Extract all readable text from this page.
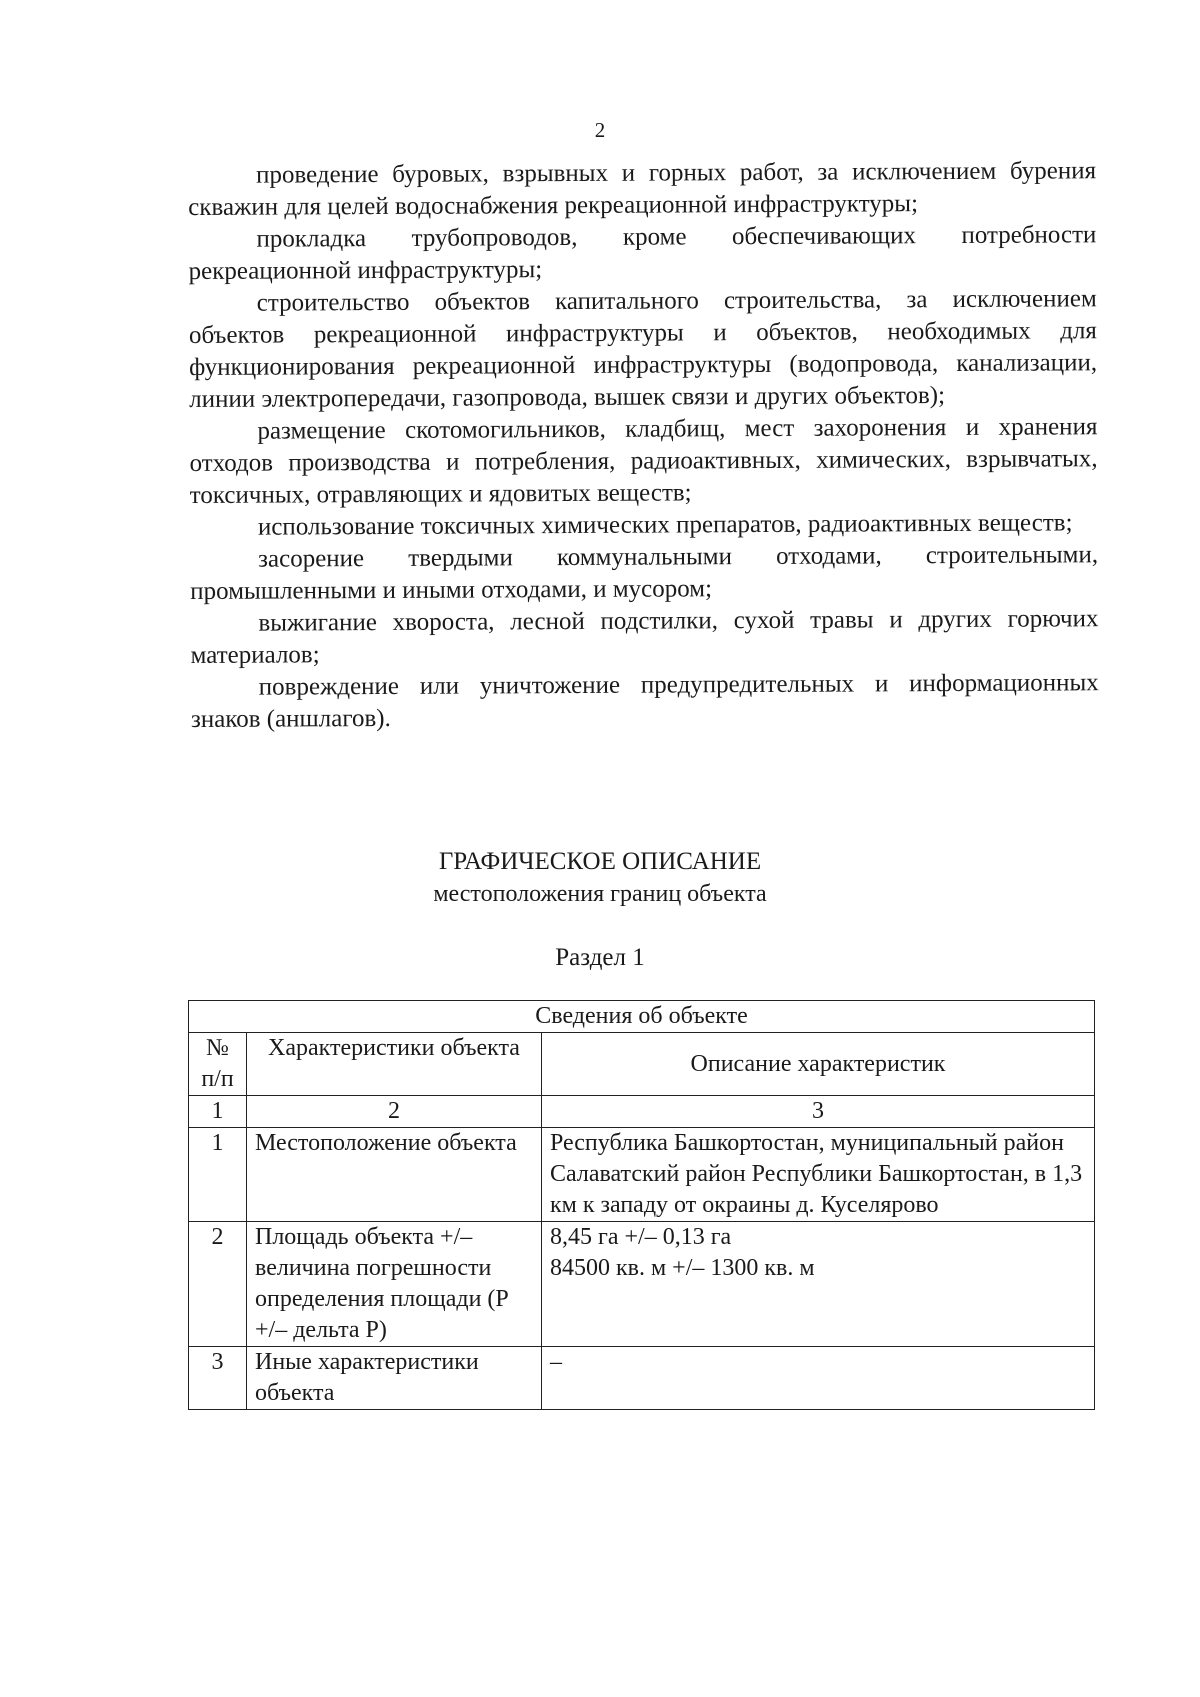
2

проведение буровых, взрывных и горных работ, за исключением бурения скважин для целей водоснабжения рекреационной инфраструктуры;

прокладка трубопроводов, кроме обеспечивающих потребности рекреационной инфраструктуры;

строительство объектов капитального строительства, за исключением объектов рекреационной инфраструктуры и объектов, необходимых для функционирования рекреационной инфраструктуры (водопровода, канализации, линии электропередачи, газопровода, вышек связи и других объектов);

размещение скотомогильников, кладбищ, мест захоронения и хранения отходов производства и потребления, радиоактивных, химических, взрывчатых, токсичных, отравляющих и ядовитых веществ;

использование токсичных химических препаратов, радиоактивных веществ;

засорение твердыми коммунальными отходами, строительными, промышленными и иными отходами, и мусором;

выжигание хвороста, лесной подстилки, сухой травы и других горючих материалов;

повреждение или уничтожение предупредительных и информационных знаков (аншлагов).

ГРАФИЧЕСКОЕ ОПИСАНИЕ
местоположения границ объекта
Раздел 1
Сведения об объекте		
№ п/п	Характеристики объекта	Описание характеристик
1	2	3
1	Местоположение объекта	Республика Башкортостан, муниципальный район Салаватский район Республики Башкортостан, в 1,3 км к западу от окраины д. Куселярово
2	Площадь объекта +/– величина погрешности определения площади (Р +/– дельта Р)	8,45 га +/– 0,13 га
84500 кв. м +/– 1300 кв. м

3	Иные характеристики объекта	–
